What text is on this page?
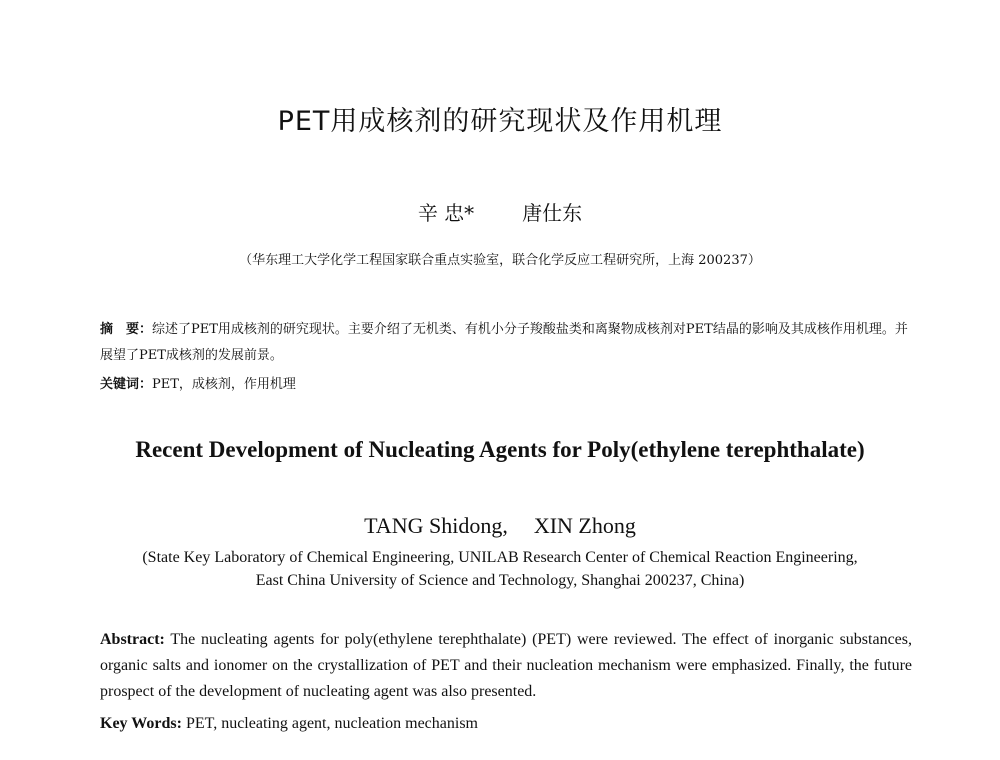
PET用成核剂的研究现状及作用机理
辛 忠* 唐仕东
（华东理工大学化学工程国家联合重点实验室，联合化学反应工程研究所，上海 200237）
摘　要：综述了PET用成核剂的研究现状。主要介绍了无机类、有机小分子羧酸盐类和离聚物成核剂对PET结晶的影响及其成核作用机理。并展望了PET成核剂的发展前景。
关键词：PET，成核剂，作用机理
Recent Development of Nucleating Agents for Poly(ethylene terephthalate)
TANG Shidong, XIN Zhong
(State Key Laboratory of Chemical Engineering, UNILAB Research Center of Chemical Reaction Engineering,
East China University of Science and Technology, Shanghai 200237, China)
Abstract: The nucleating agents for poly(ethylene terephthalate) (PET) were reviewed. The effect of inorganic substances, organic salts and ionomer on the crystallization of PET and their nucleation mechanism were emphasized. Finally, the future prospect of the development of nucleating agent was also presented.
Key Words: PET, nucleating agent, nucleation mechanism
